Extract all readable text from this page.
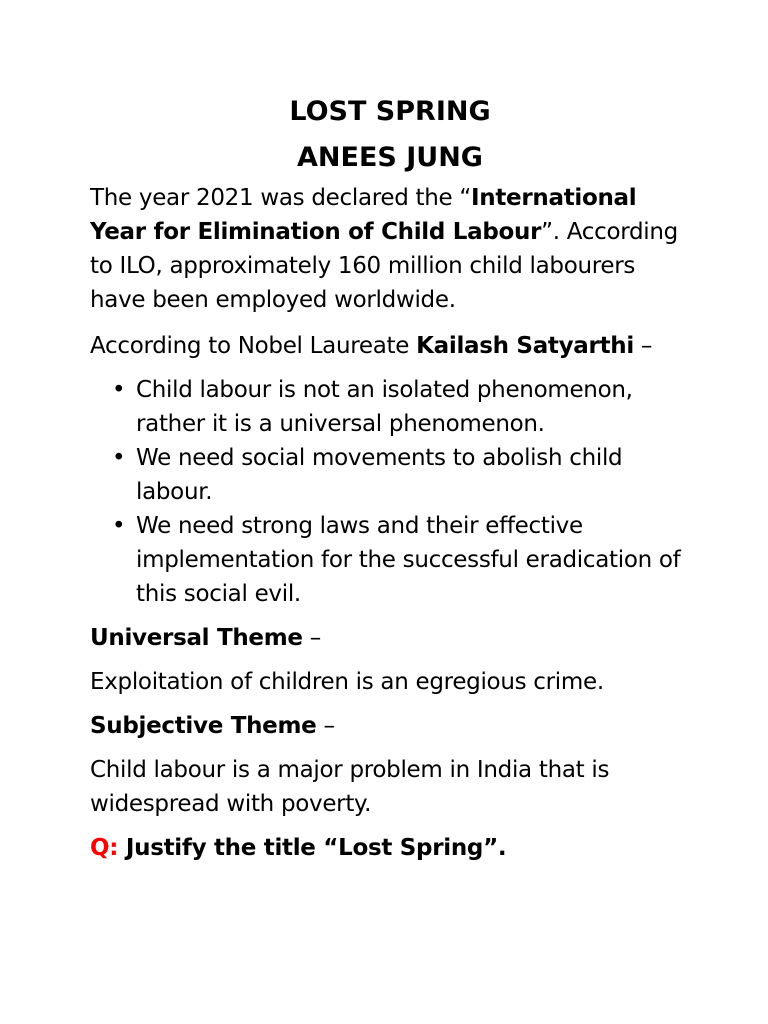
LOST SPRING
ANEES JUNG

The year 2021 was declared the “International Year for Elimination of Child Labour”. According to ILO, approximately 160 million child labourers have been employed worldwide.

According to Nobel Laureate Kailash Satyarthi –

• Child labour is not an isolated phenomenon, rather it is a universal phenomenon.
• We need social movements to abolish child labour.
• We need strong laws and their effective implementation for the successful eradication of this social evil.

Universal Theme –

Exploitation of children is an egregious crime.

Subjective Theme –

Child labour is a major problem in India that is widespread with poverty.

Q: Justify the title “Lost Spring”.
